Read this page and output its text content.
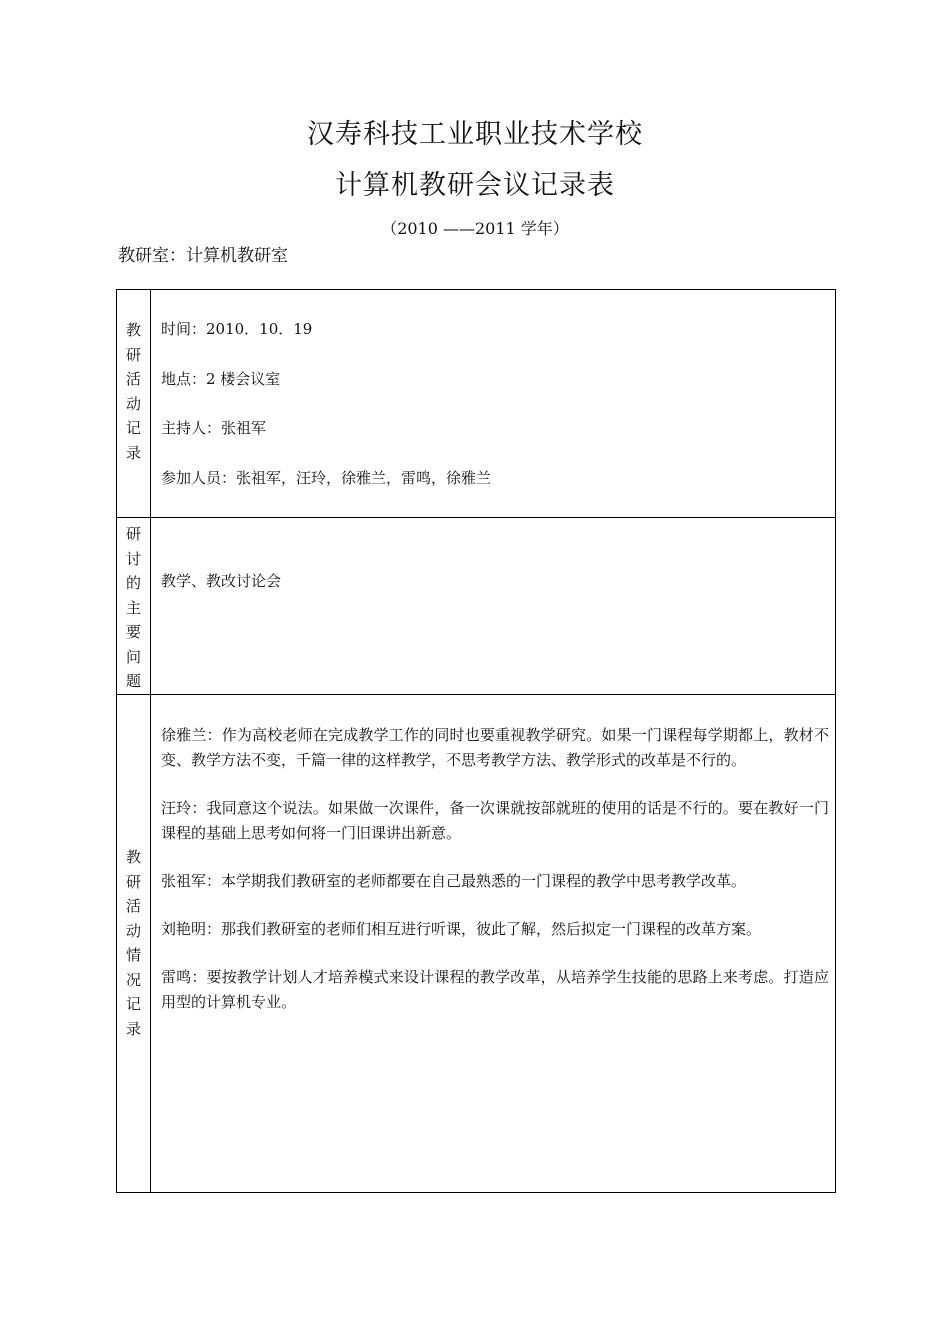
汉寿科技工业职业技术学校
计算机教研会议记录表
（2010 ——2011 学年）
教研室：计算机教研室
教研活动记录	时间：2010．10．19
地点：2 楼会议室
主持人：张祖军
参加人员：张祖军，汪玲，徐雅兰，雷鸣，徐雅兰

研讨的主要问题	教学、教改讨论会

教研活动情况记录	徐雅兰：作为高校老师在完成教学工作的同时也要重视教学研究。如果一门课程每学期都上，教材不变、教学方法不变，千篇一律的这样教学，不思考教学方法、教学形式的改革是不行的。

汪玲：我同意这个说法。如果做一次课件，备一次课就按部就班的使用的话是不行的。要在教好一门课程的基础上思考如何将一门旧课讲出新意。

张祖军：本学期我们教研室的老师都要在自己最熟悉的一门课程的教学中思考教学改革。

刘艳明：那我们教研室的老师们相互进行听课，彼此了解，然后拟定一门课程的改革方案。

雷鸣：要按教学计划人才培养模式来设计课程的教学改革，从培养学生技能的思路上来考虑。打造应用型的计算机专业。
